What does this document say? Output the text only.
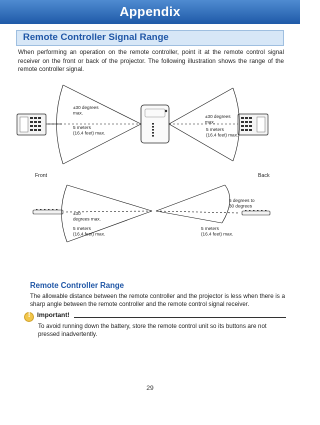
Appendix
Remote Controller Signal Range
When performing an operation on the remote controller, point it at the remote control signal receiver on the front or back of the projector. The following illustration shows the range of the remote controller signal.
±30 degrees max.
5 meters (16.4 feet) max.
±30 degrees max.
5 meters (16.4 feet) max.
Front	Back
±30 degrees max.
5 meters (16.4 feet) max.
5 degrees to 30 degrees
5 meters (16.4 feet) max.
Remote Controller Range
The allowable distance between the remote controller and the projector is less when there is a sharp angle between the remote controller and the remote control signal receiver.
!
Important!
To avoid running down the battery, store the remote control unit so its buttons are not pressed inadvertently.
29
